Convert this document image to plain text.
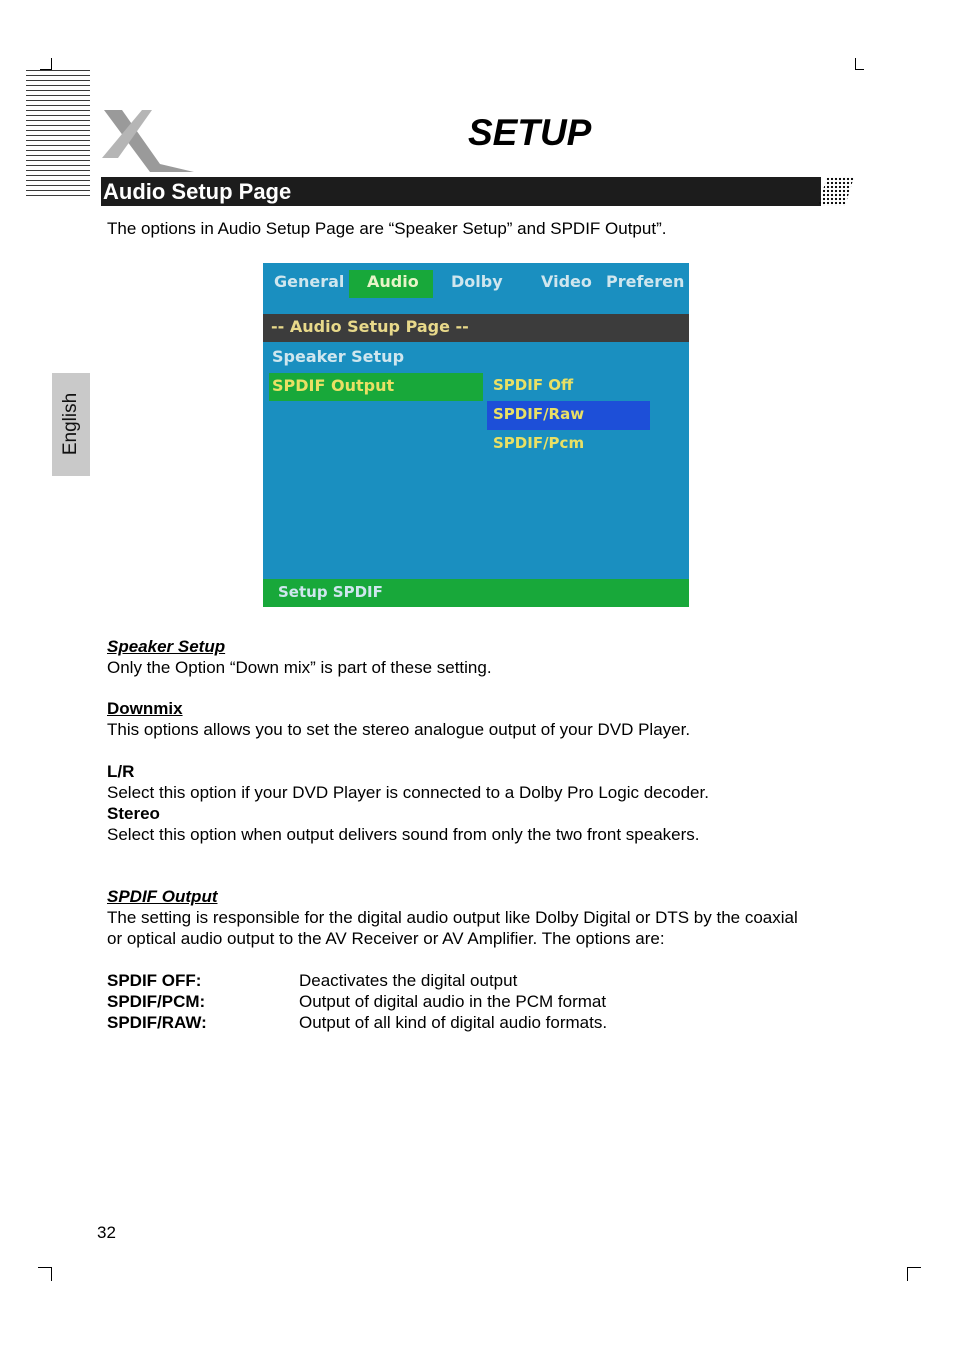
SETUP
Audio Setup Page
English
The options in Audio Setup Page are “Speaker Setup” and SPDIF Output”.
General Audio Dolby Video Preferen
-- Audio Setup Page --
Speaker Setup
SPDIF Output	SPDIF Off
SPDIF/Raw
SPDIF/Pcm
Setup SPDIF
Speaker Setup
Only the Option “Down mix” is part of these setting.
Downmix
This options allows you to set the stereo analogue output of your DVD Player.
L/R
Select this option if your DVD Player is connected to a Dolby Pro Logic decoder.
Stereo
Select this option when output delivers sound from only the two front speakers.
SPDIF Output
The setting is responsible for the digital audio output like Dolby Digital or DTS by the coaxial
or optical audio output to the AV Receiver or AV Amplifier. The options are:
SPDIF OFF:	Deactivates the digital output
SPDIF/PCM:	Output of digital audio in the PCM format
SPDIF/RAW:	Output of all kind of digital audio formats.
32
